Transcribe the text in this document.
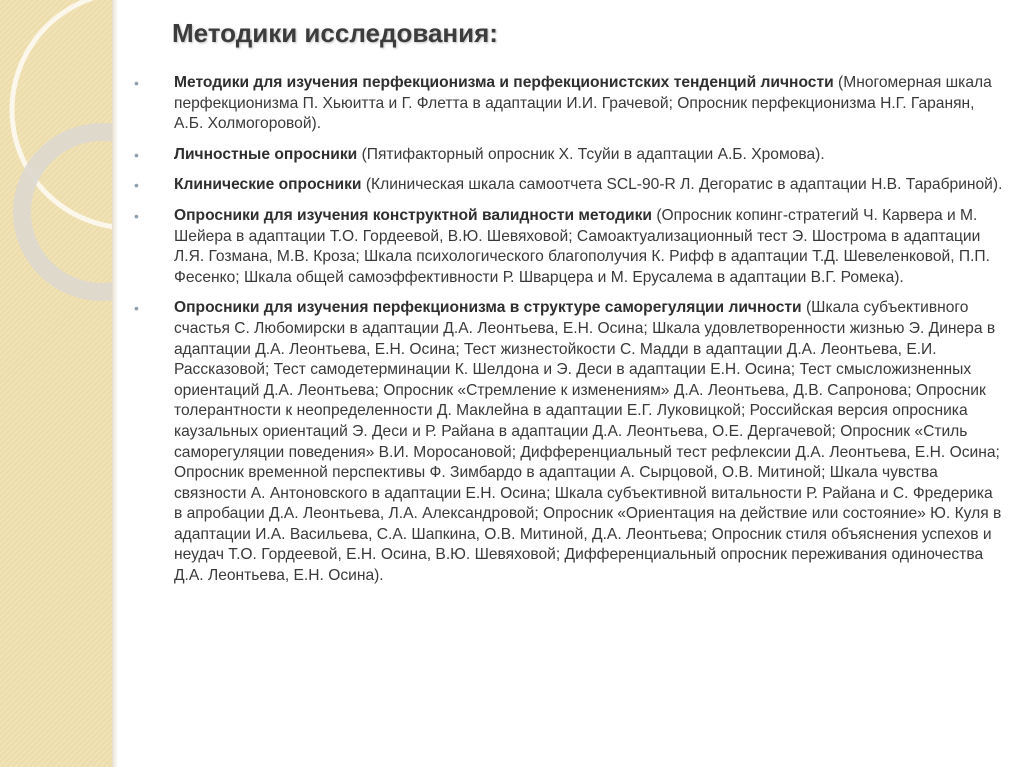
Методики исследования:
• Методики для изучения перфекционизма и перфекционистских тенденций личности (Многомерная шкала перфекционизма П. Хьюитта и Г. Флетта в адаптации И.И. Грачевой; Опросник перфекционизма Н.Г. Гаранян, А.Б. Холмогоровой).
• Личностные опросники (Пятифакторный опросник Х. Тсуйи в адаптации А.Б. Хромова).
• Клинические опросники (Клиническая шкала самоотчета SCL-90-R Л. Дегоратис в адаптации Н.В. Тарабриной).
• Опросники для изучения конструктной валидности методики (Опросник копинг-стратегий Ч. Карвера и М. Шейера в адаптации Т.О. Гордеевой, В.Ю. Шевяховой; Самоактуализационный тест Э. Шострома в адаптации Л.Я. Гозмана, М.В. Кроза; Шкала психологического благополучия К. Рифф в адаптации Т.Д. Шевеленковой, П.П. Фесенко; Шкала общей самоэффективности Р. Шварцера и М. Ерусалема в адаптации В.Г. Ромека).
• Опросники для изучения перфекционизма в структуре саморегуляции личности (Шкала субъективного счастья С. Любомирски в адаптации Д.А. Леонтьева, Е.Н. Осина; Шкала удовлетворенности жизнью Э. Динера в адаптации Д.А. Леонтьева, Е.Н. Осина; Тест жизнестойкости С. Мадди в адаптации Д.А. Леонтьева, Е.И. Рассказовой; Тест самодетерминации К. Шелдона и Э. Деси в адаптации Е.Н. Осина; Тест смысложизненных ориентаций Д.А. Леонтьева; Опросник «Стремление к изменениям» Д.А. Леонтьева, Д.В. Сапронова; Опросник толерантности к неопределенности Д. Маклейна в адаптации Е.Г. Луковицкой; Российская версия опросника каузальных ориентаций Э. Деси и Р. Райана в адаптации Д.А. Леонтьева, О.Е. Дергачевой; Опросник «Стиль саморегуляции поведения» В.И. Моросановой; Дифференциальный тест рефлексии Д.А. Леонтьева, Е.Н. Осина; Опросник временной перспективы Ф. Зимбардо в адаптации А. Сырцовой, О.В. Митиной; Шкала чувства связности А. Антоновского в адаптации Е.Н. Осина; Шкала субъективной витальности Р. Райана и С. Фредерика в апробации Д.А. Леонтьева, Л.А. Александровой; Опросник «Ориентация на действие или состояние» Ю. Куля в адаптации И.А. Васильева, С.А. Шапкина, О.В. Митиной, Д.А. Леонтьева; Опросник стиля объяснения успехов и неудач Т.О. Гордеевой, Е.Н. Осина, В.Ю. Шевяховой; Дифференциальный опросник переживания одиночества Д.А. Леонтьева, Е.Н. Осина).
